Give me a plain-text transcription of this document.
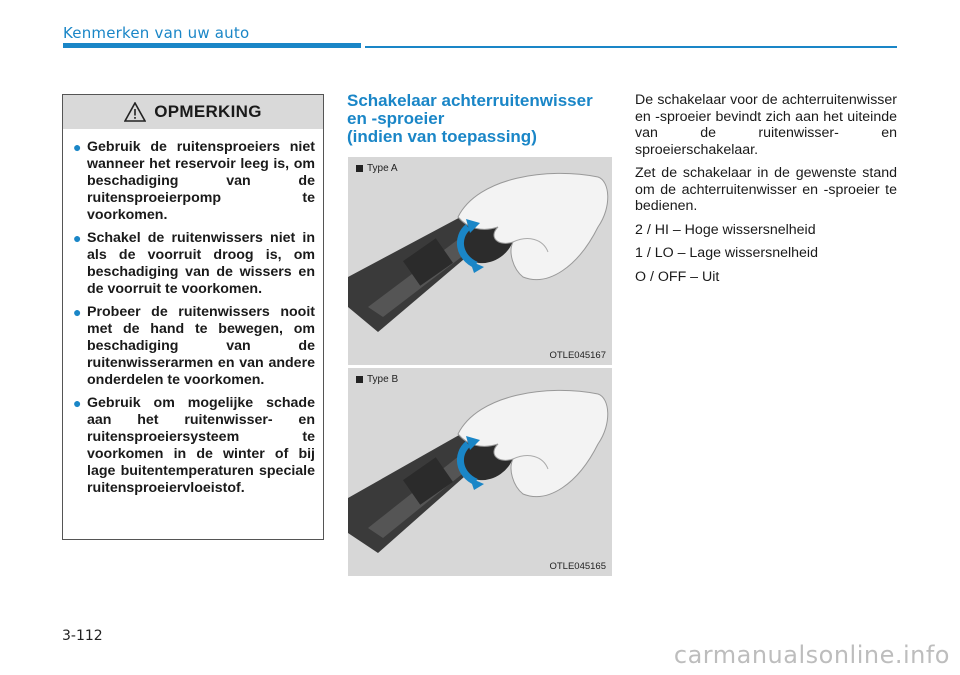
Kenmerken van uw auto
OPMERKING
● Gebruik de ruitensproeiers niet wanneer het reservoir leeg is, om beschadiging van de ruitensproeierpomp te voorkomen.
● Schakel de ruitenwissers niet in als de voorruit droog is, om beschadiging van de wissers en de voorruit te voorkomen.
● Probeer de ruitenwissers nooit met de hand te bewegen, om beschadiging van de ruitenwisserarmen en van andere onderdelen te voorkomen.
● Gebruik om mogelijke schade aan het ruitenwisser- en ruitensproeiersysteem te voorkomen in de winter of bij lage buitentemperaturen speciale ruitensproeiervloeistof.
Schakelaar achterruitenwisser
en -sproeier
(indien van toepassing)
Type A
OTLE045167
Type B
OTLE045165

De schakelaar voor de achterruitenwisser en -sproeier bevindt zich aan het uiteinde van de ruitenwisser- en sproeierschakelaar.

Zet de schakelaar in de gewenste stand om de achterruitenwisser en -sproeier te bedienen.

2 / HI – Hoge wissersnelheid

1 / LO – Lage wissersnelheid

O / OFF – Uit

3-112
carmanualsonline.info
